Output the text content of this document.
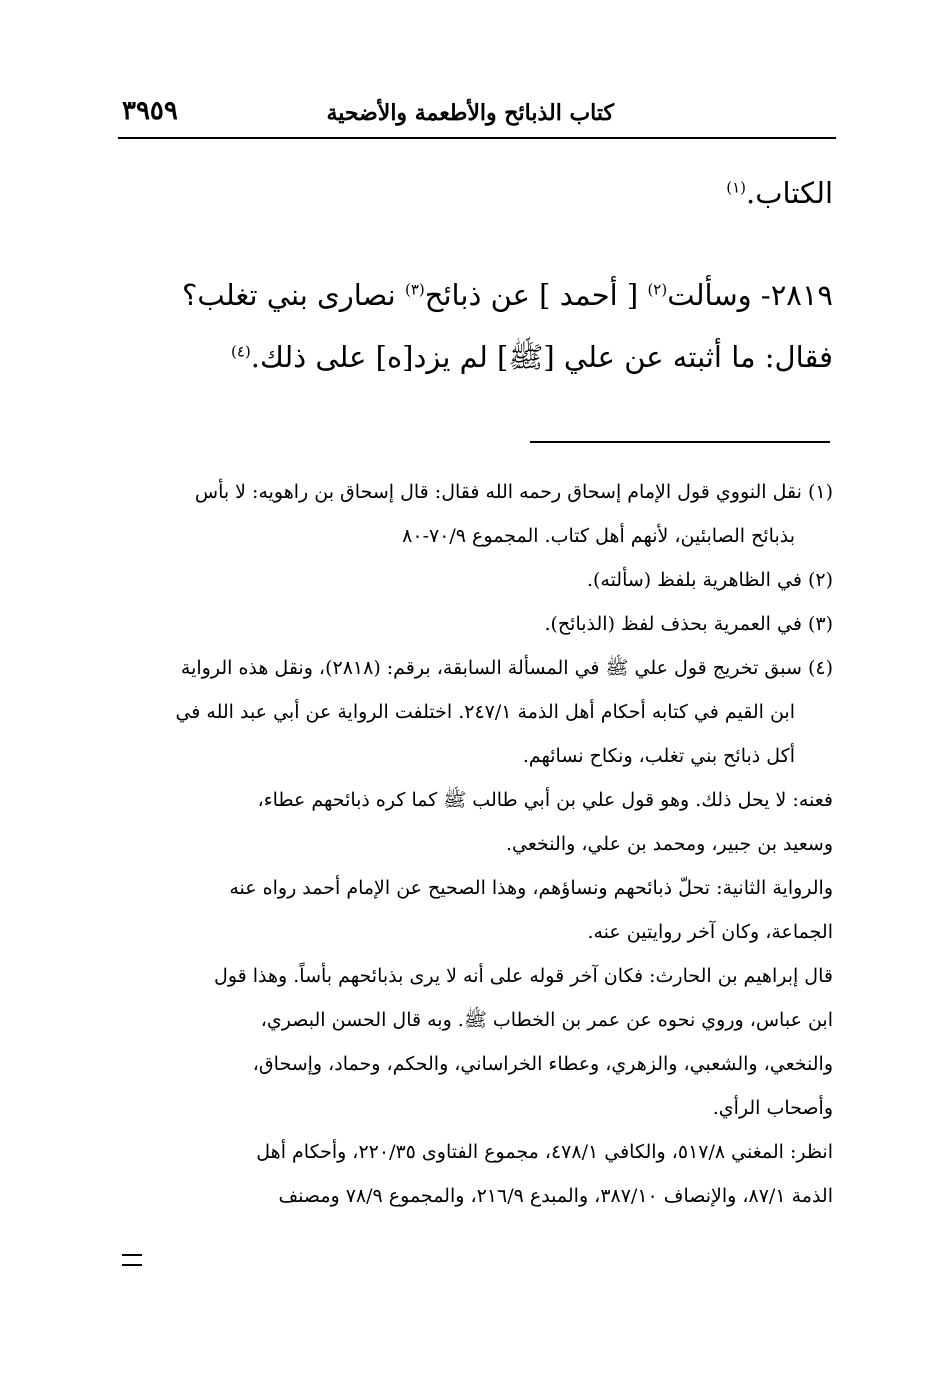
كتاب الذبائح والأطعمة والأضحية
٣٩٥٩
الكتاب.$^{(١)}$
٢٨١٩- وسألت$^{(٢)}$ [ أحمد ] عن ذبائح$^{(٣)}$ نصارى بني تغلب؟
فقال: ما أثبته عن علي [ﷺ] لم يزد[ه] على ذلك.$^{(٤)}$

(١) نقل النووي قول الإمام إسحاق رحمه الله فقال: قال إسحاق بن راهويه: لا بأس
بذبائح الصابئين، لأنهم أهل كتاب. المجموع ٧٠/٩-٨٠

(٢) في الظاهرية بلفظ (سألته).

(٣) في العمرية بحذف لفظ (الذبائح).

(٤) سبق تخريج قول علي ﷺ في المسألة السابقة، برقم: (٢٨١٨)، ونقل هذه الرواية
ابن القيم في كتابه أحكام أهل الذمة ٢٤٧/١. اختلفت الرواية عن أبي عبد الله في
أكل ذبائح بني تغلب، ونكاح نسائهم.

فعنه: لا يحل ذلك. وهو قول علي بن أبي طالب ﷺ كما كره ذبائحهم عطاء،
وسعيد بن جبير، ومحمد بن علي، والنخعي.

والرواية الثانية: تحلّ ذبائحهم ونساؤهم، وهذا الصحيح عن الإمام أحمد رواه عنه
الجماعة، وكان آخر روايتين عنه.

قال إبراهيم بن الحارث: فكان آخر قوله على أنه لا يرى بذبائحهم بأساً. وهذا قول
ابن عباس، وروي نحوه عن عمر بن الخطاب ﷺ. وبه قال الحسن البصري،
والنخعي، والشعبي، والزهري، وعطاء الخراساني، والحكم، وحماد، وإسحاق،
وأصحاب الرأي.

انظر: المغني ٥١٧/٨، والكافي ٤٧٨/١، مجموع الفتاوى ٢٢٠/٣٥، وأحكام أهل
الذمة ٨٧/١، والإنصاف ٣٨٧/١٠، والمبدع ٢١٦/٩، والمجموع ٧٨/٩ ومصنف
